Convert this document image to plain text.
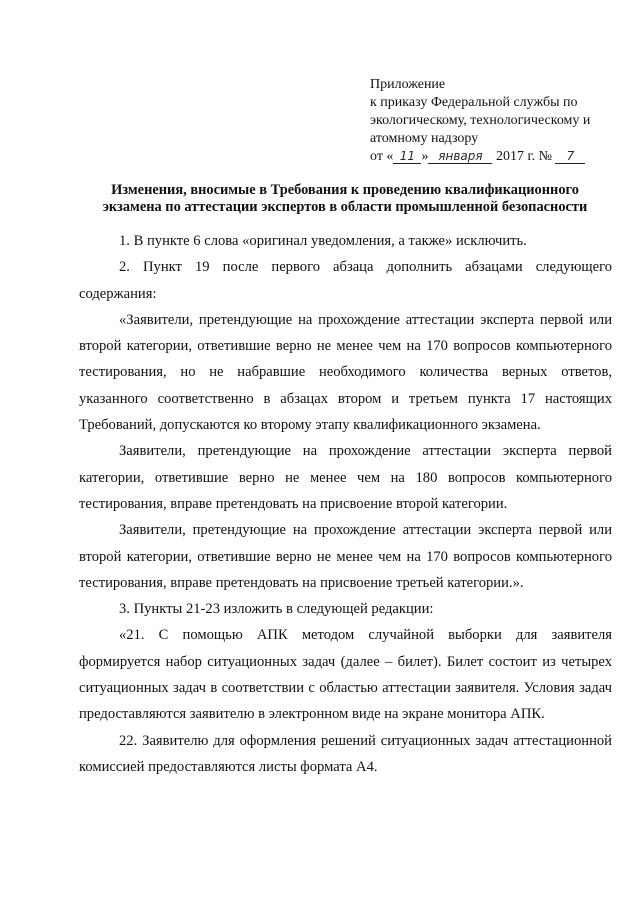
Приложение
к приказу Федеральной службы по
экологическому, технологическому и
атомному надзору
от « 11 » января 2017 г. № 7
Изменения, вносимые в Требования к проведению квалификационного
экзамена по аттестации экспертов в области промышленной безопасности

1. В пункте 6 слова «оригинал уведомления, а также» исключить.

2. Пункт 19 после первого абзаца дополнить абзацами следующего содержания:

«Заявители, претендующие на прохождение аттестации эксперта первой или второй категории, ответившие верно не менее чем на 170 вопросов компьютерного тестирования, но не набравшие необходимого количества верных ответов, указанного соответственно в абзацах втором и третьем пункта 17 настоящих Требований, допускаются ко второму этапу квалификационного экзамена.

Заявители, претендующие на прохождение аттестации эксперта первой категории, ответившие верно не менее чем на 180 вопросов компьютерного тестирования, вправе претендовать на присвоение второй категории.

Заявители, претендующие на прохождение аттестации эксперта первой или второй категории, ответившие верно не менее чем на 170 вопросов компьютерного тестирования, вправе претендовать на присвоение третьей категории.».

3. Пункты 21-23 изложить в следующей редакции:

«21. С помощью АПК методом случайной выборки для заявителя формируется набор ситуационных задач (далее – билет). Билет состоит из четырех ситуационных задач в соответствии с областью аттестации заявителя. Условия задач предоставляются заявителю в электронном виде на экране монитора АПК.

22. Заявителю для оформления решений ситуационных задач аттестационной комиссией предоставляются листы формата А4.
